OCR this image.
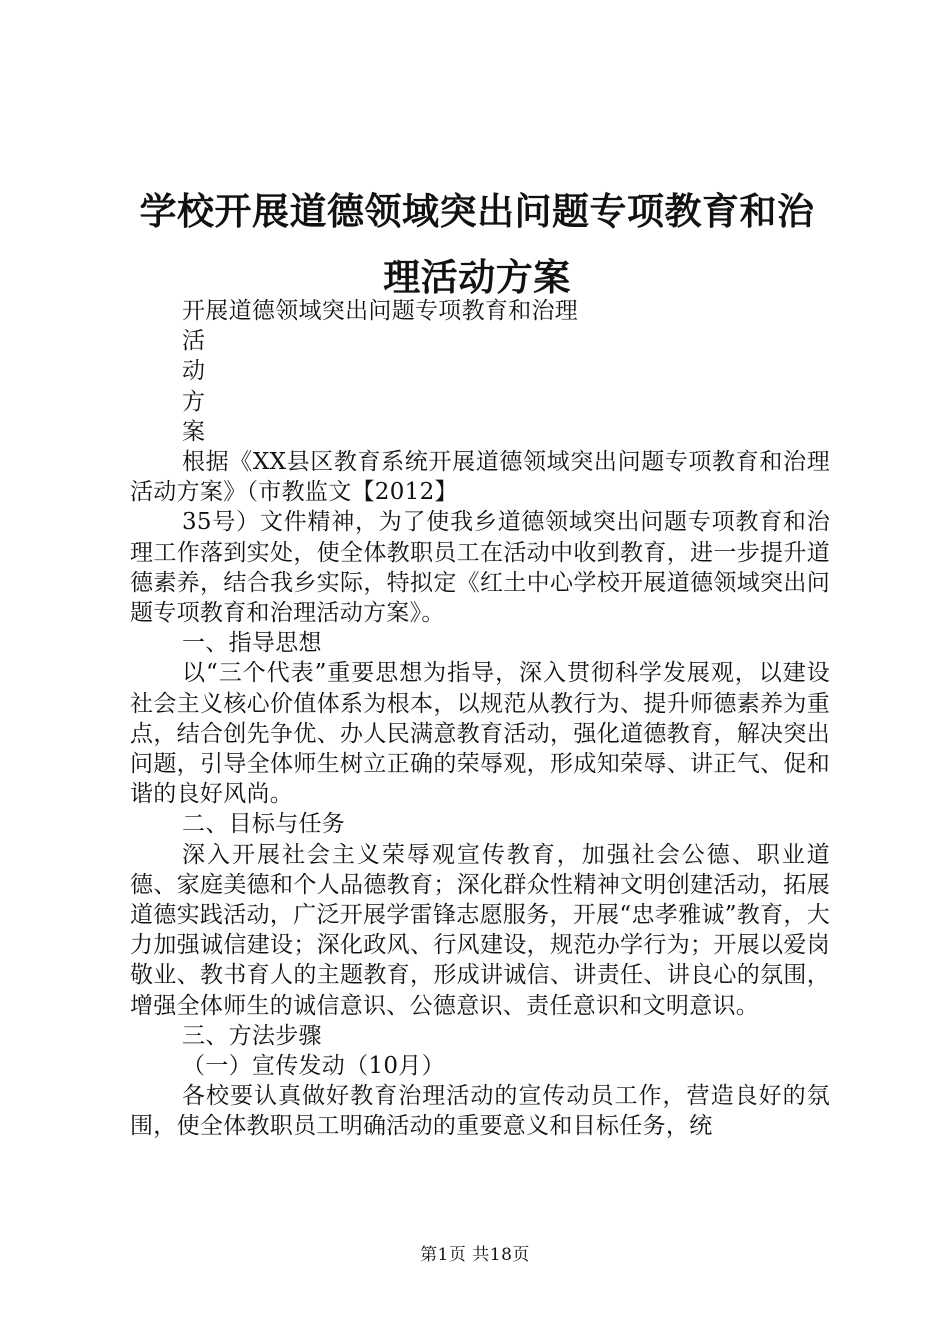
学校开展道德领域突出问题专项教育和治理活动方案

开展道德领域突出问题专项教育和治理

活

动

方

案

根据《XX县区教育系统开展道德领域突出问题专项教育和治理活动方案》（市教监文【2012】

35号）文件精神，为了使我乡道德领域突出问题专项教育和治理工作落到实处，使全体教职员工在活动中收到教育，进一步提升道德素养，结合我乡实际，特拟定《红土中心学校开展道德领域突出问题专项教育和治理活动方案》。

一、指导思想

以“三个代表”重要思想为指导，深入贯彻科学发展观，以建设社会主义核心价值体系为根本，以规范从教行为、提升师德素养为重点，结合创先争优、办人民满意教育活动，强化道德教育，解决突出问题，引导全体师生树立正确的荣辱观，形成知荣辱、讲正气、促和谐的良好风尚。

二、目标与任务

深入开展社会主义荣辱观宣传教育，加强社会公德、职业道德、家庭美德和个人品德教育；深化群众性精神文明创建活动，拓展道德实践活动，广泛开展学雷锋志愿服务，开展“忠孝雅诚”教育，大力加强诚信建设；深化政风、行风建设，规范办学行为；开展以爱岗敬业、教书育人的主题教育，形成讲诚信、讲责任、讲良心的氛围，增强全体师生的诚信意识、公德意识、责任意识和文明意识。

三、方法步骤

（一）宣传发动（10月）

各校要认真做好教育治理活动的宣传动员工作，营造良好的氛围，使全体教职员工明确活动的重要意义和目标任务，统

第1页 共18页
